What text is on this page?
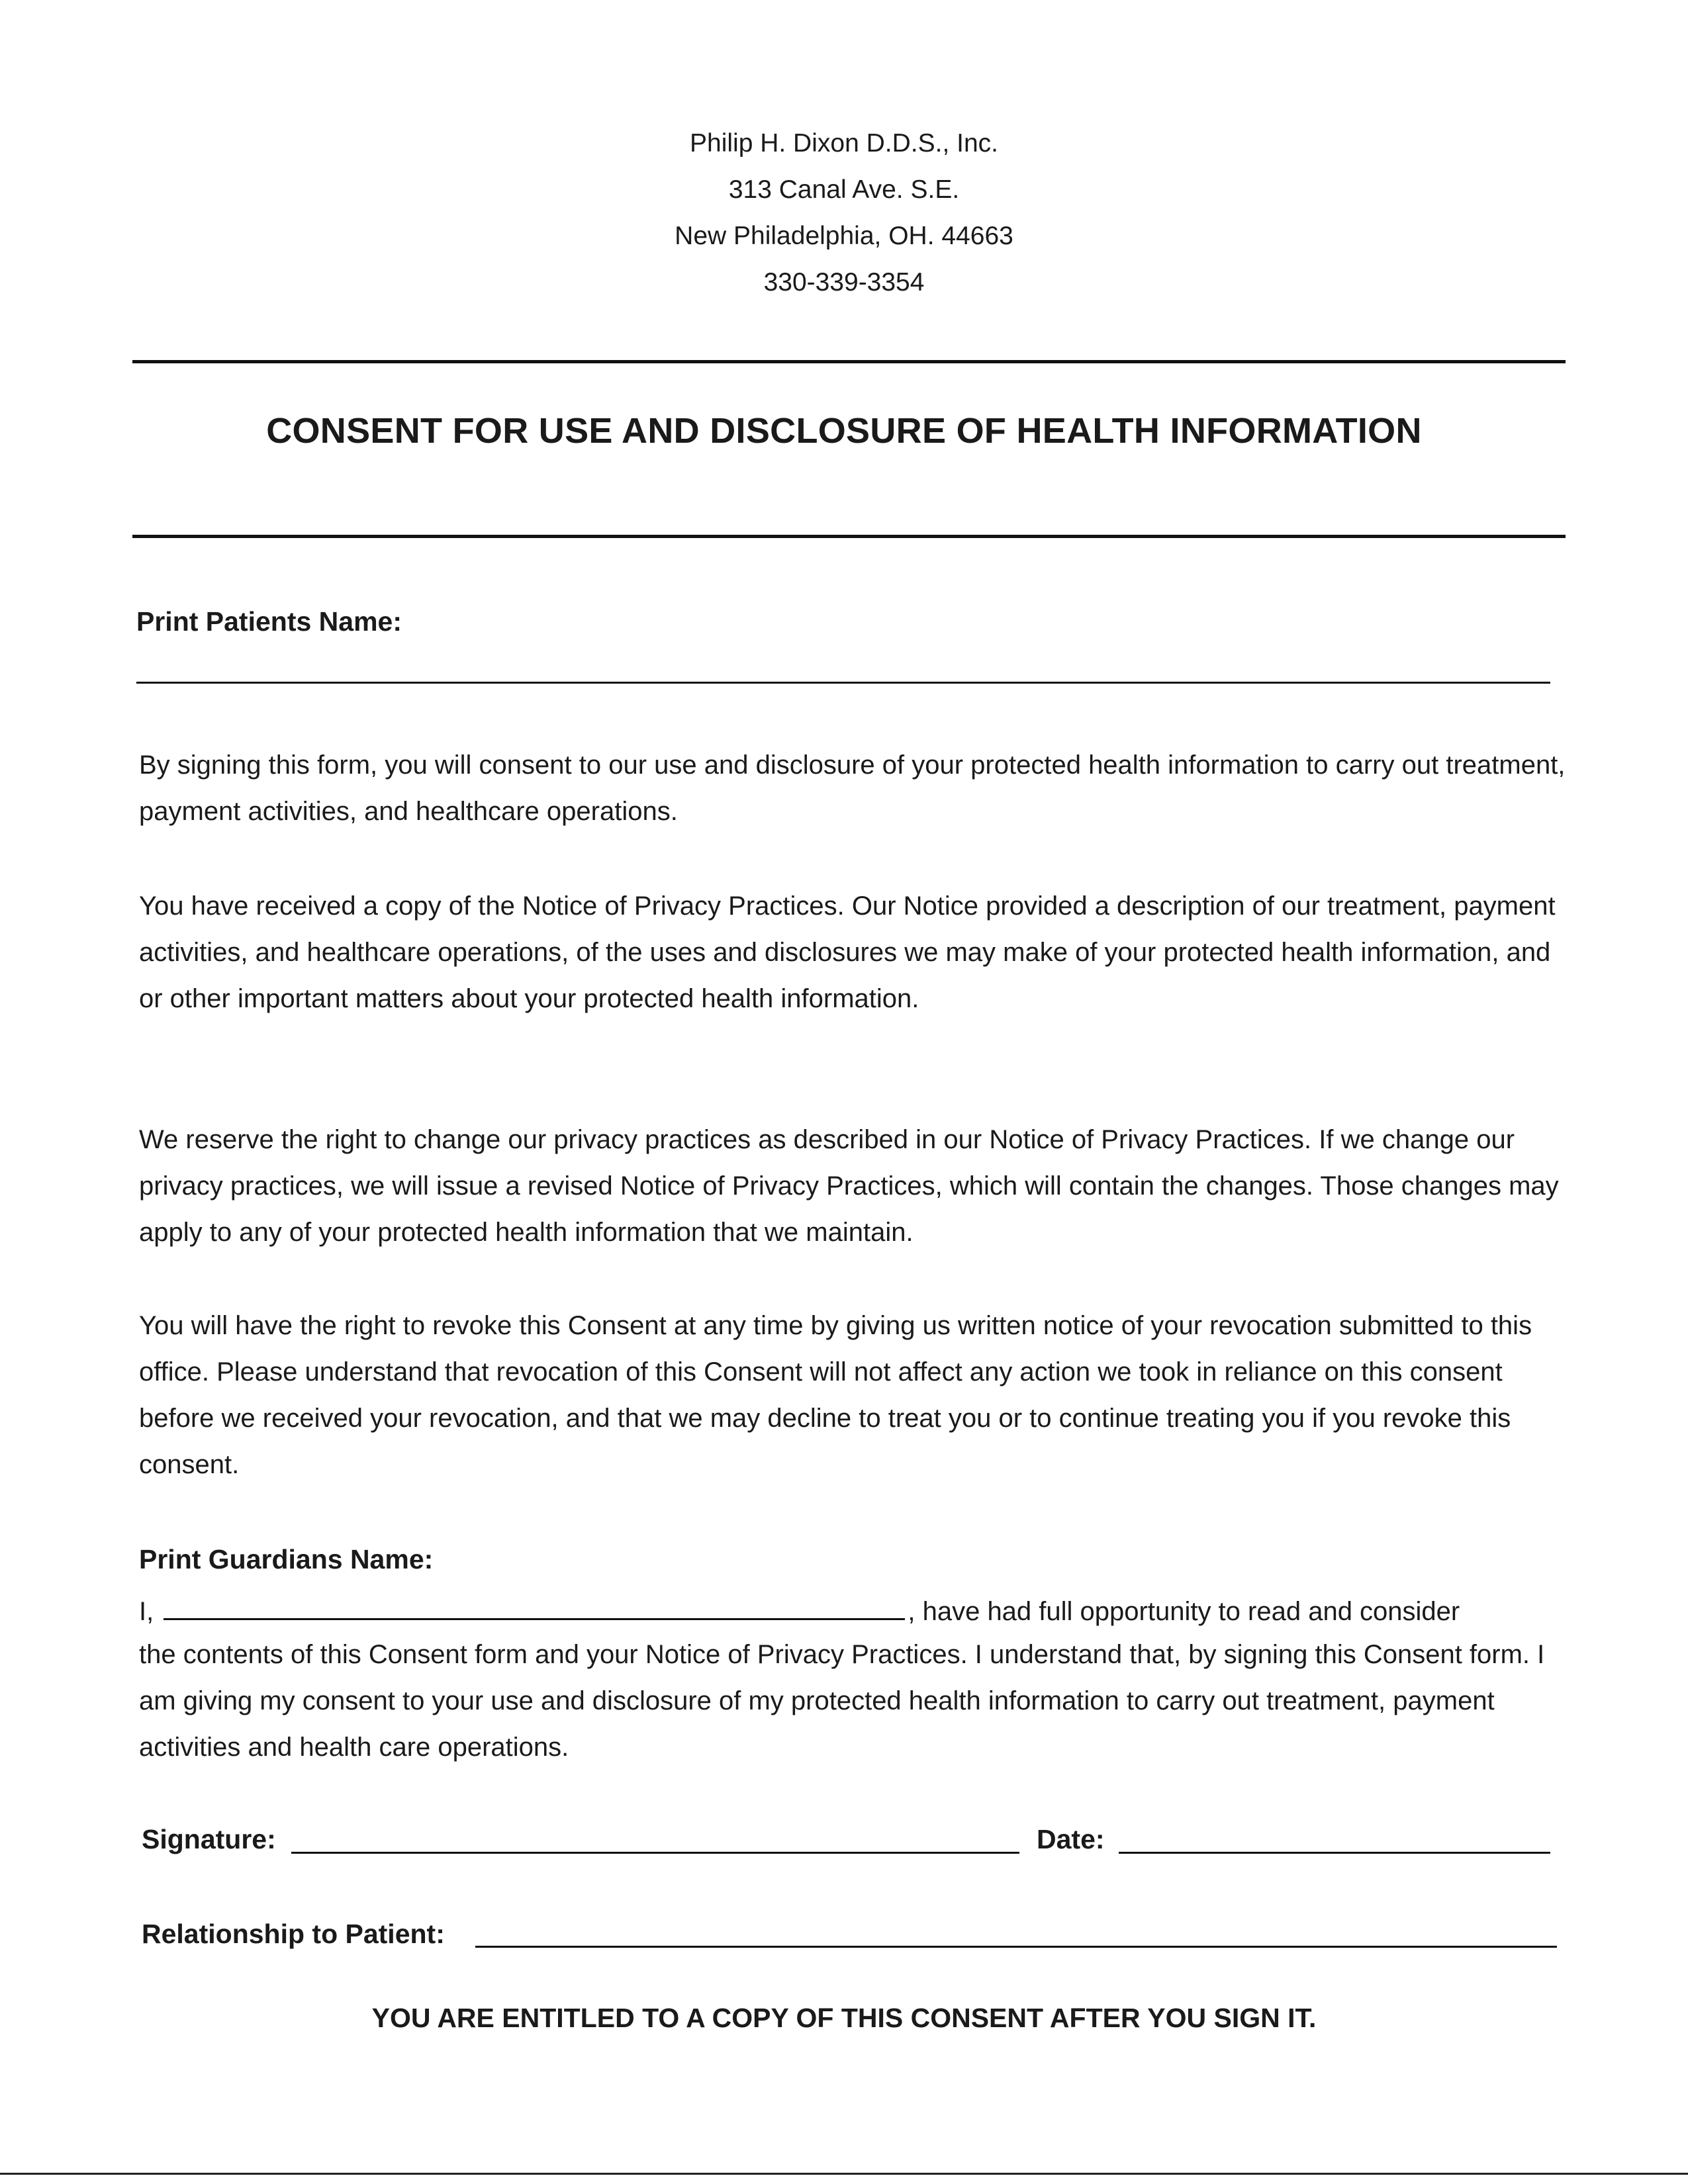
Philip H. Dixon D.D.S., Inc.
313 Canal Ave. S.E.
New Philadelphia, OH. 44663
330-339-3354
CONSENT FOR USE AND DISCLOSURE OF HEALTH INFORMATION
Print Patients Name:

By signing this form, you will consent to our use and disclosure of your protected health information to carry out treatment, payment activities, and healthcare operations.

You have received a copy of the Notice of Privacy Practices. Our Notice provided a description of our treatment, payment activities, and healthcare operations, of the uses and disclosures we may make of your protected health information, and or other important matters about your protected health information.

We reserve the right to change our privacy practices as described in our Notice of Privacy Practices. If we change our privacy practices, we will issue a revised Notice of Privacy Practices, which will contain the changes. Those changes may apply to any of your protected health information that we maintain.

You will have the right to revoke this Consent at any time by giving us written notice of your revocation submitted to this office. Please understand that revocation of this Consent will not affect any action we took in reliance on this consent before we received your revocation, and that we may decline to treat you or to continue treating you if you revoke this consent.

Print Guardians Name:
I,	, have had full opportunity to read and consider

the contents of this Consent form and your Notice of Privacy Practices. I understand that, by signing this Consent form. I am giving my consent to your use and disclosure of my protected health information to carry out treatment, payment activities and health care operations.

Signature:	Date:
Relationship to Patient:
YOU ARE ENTITLED TO A COPY OF THIS CONSENT AFTER YOU SIGN IT.
